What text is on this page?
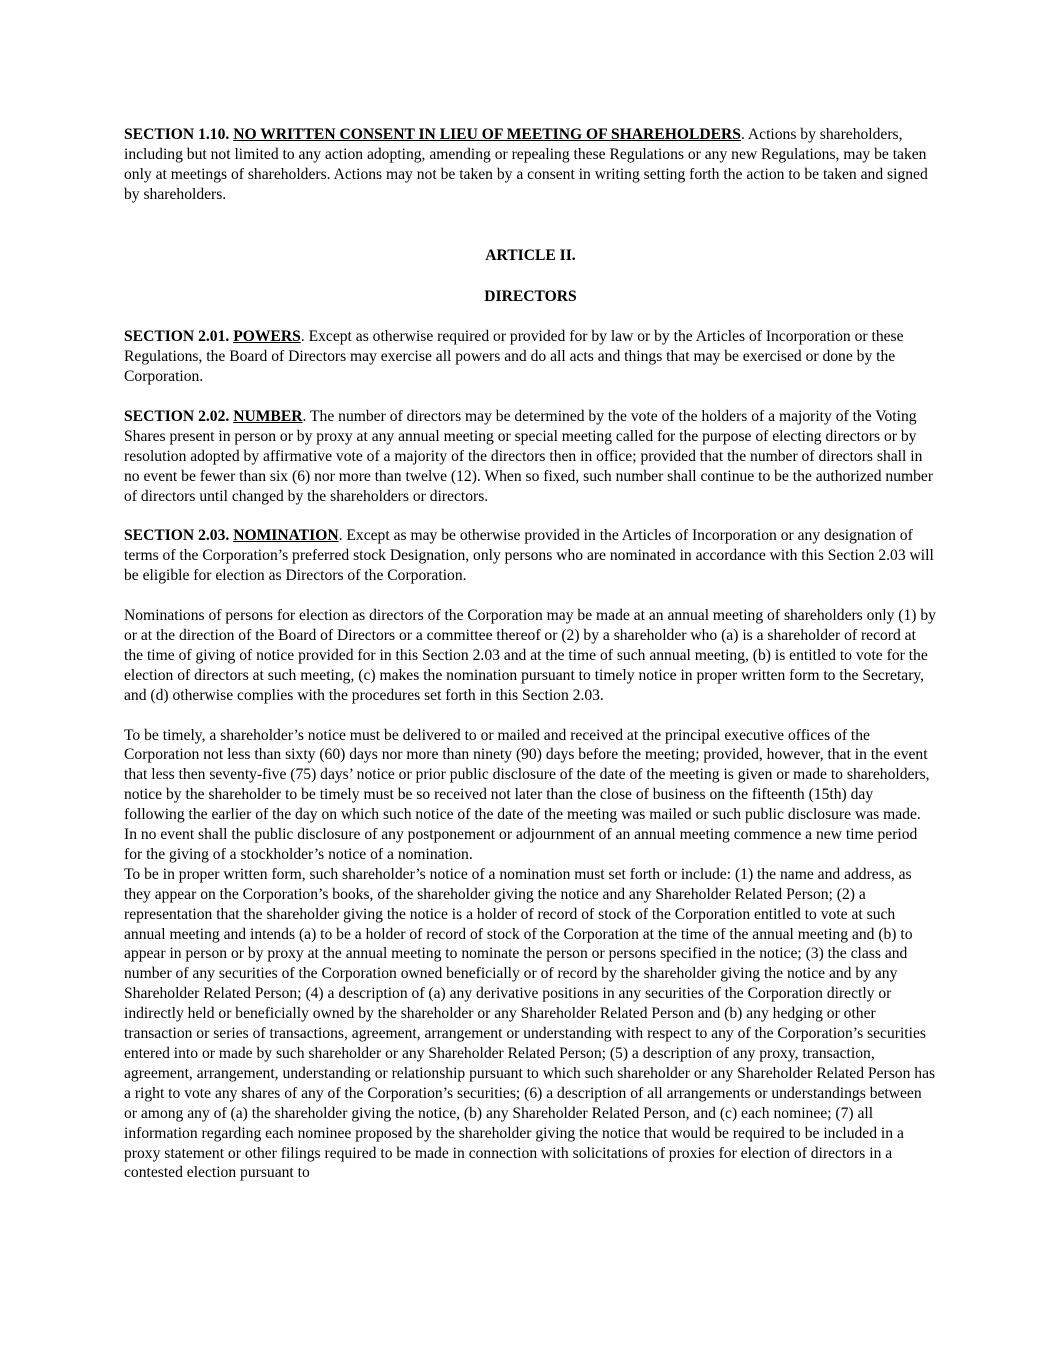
SECTION 1.10. NO WRITTEN CONSENT IN LIEU OF MEETING OF SHAREHOLDERS. Actions by shareholders, including but not limited to any action adopting, amending or repealing these Regulations or any new Regulations, may be taken only at meetings of shareholders. Actions may not be taken by a consent in writing setting forth the action to be taken and signed by shareholders.

ARTICLE II.

DIRECTORS

SECTION 2.01. POWERS. Except as otherwise required or provided for by law or by the Articles of Incorporation or these Regulations, the Board of Directors may exercise all powers and do all acts and things that may be exercised or done by the Corporation.

SECTION 2.02. NUMBER. The number of directors may be determined by the vote of the holders of a majority of the Voting Shares present in person or by proxy at any annual meeting or special meeting called for the purpose of electing directors or by resolution adopted by affirmative vote of a majority of the directors then in office; provided that the number of directors shall in no event be fewer than six (6) nor more than twelve (12). When so fixed, such number shall continue to be the authorized number of directors until changed by the shareholders or directors.

SECTION 2.03. NOMINATION. Except as may be otherwise provided in the Articles of Incorporation or any designation of terms of the Corporation’s preferred stock Designation, only persons who are nominated in accordance with this Section 2.03 will be eligible for election as Directors of the Corporation.

Nominations of persons for election as directors of the Corporation may be made at an annual meeting of shareholders only (1) by or at the direction of the Board of Directors or a committee thereof or (2) by a shareholder who (a) is a shareholder of record at the time of giving of notice provided for in this Section 2.03 and at the time of such annual meeting, (b) is entitled to vote for the election of directors at such meeting, (c) makes the nomination pursuant to timely notice in proper written form to the Secretary, and (d) otherwise complies with the procedures set forth in this Section 2.03.

To be timely, a shareholder’s notice must be delivered to or mailed and received at the principal executive offices of the Corporation not less than sixty (60) days nor more than ninety (90) days before the meeting; provided, however, that in the event that less then seventy-five (75) days’ notice or prior public disclosure of the date of the meeting is given or made to shareholders, notice by the shareholder to be timely must be so received not later than the close of business on the fifteenth (15th) day following the earlier of the day on which such notice of the date of the meeting was mailed or such public disclosure was made. In no event shall the public disclosure of any postponement or adjournment of an annual meeting commence a new time period for the giving of a stockholder’s notice of a nomination.

To be in proper written form, such shareholder’s notice of a nomination must set forth or include: (1) the name and address, as they appear on the Corporation’s books, of the shareholder giving the notice and any Shareholder Related Person; (2) a representation that the shareholder giving the notice is a holder of record of stock of the Corporation entitled to vote at such annual meeting and intends (a) to be a holder of record of stock of the Corporation at the time of the annual meeting and (b) to appear in person or by proxy at the annual meeting to nominate the person or persons specified in the notice; (3) the class and number of any securities of the Corporation owned beneficially or of record by the shareholder giving the notice and by any Shareholder Related Person; (4) a description of (a) any derivative positions in any securities of the Corporation directly or indirectly held or beneficially owned by the shareholder or any Shareholder Related Person and (b) any hedging or other transaction or series of transactions, agreement, arrangement or understanding with respect to any of the Corporation’s securities entered into or made by such shareholder or any Shareholder Related Person; (5) a description of any proxy, transaction, agreement, arrangement, understanding or relationship pursuant to which such shareholder or any Shareholder Related Person has a right to vote any shares of any of the Corporation’s securities; (6) a description of all arrangements or understandings between or among any of (a) the shareholder giving the notice, (b) any Shareholder Related Person, and (c) each nominee; (7) all information regarding each nominee proposed by the shareholder giving the notice that would be required to be included in a proxy statement or other filings required to be made in connection with solicitations of proxies for election of directors in a contested election pursuant to
